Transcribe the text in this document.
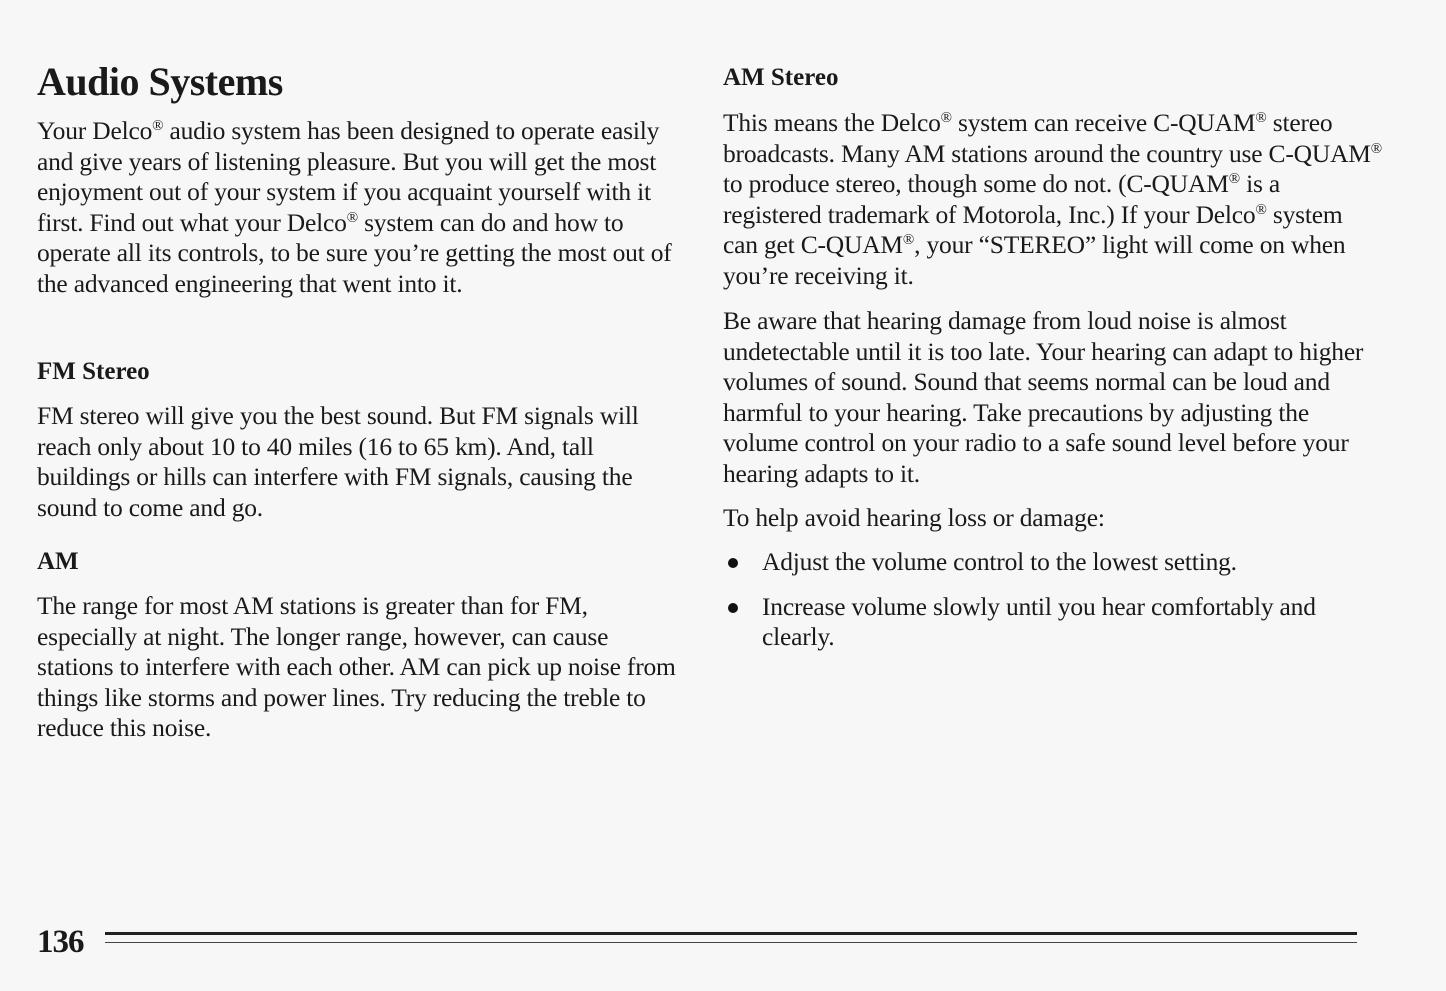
Audio Systems

Your Delco® audio system has been designed to operate easily and give years of listening pleasure. But you will get the most enjoyment out of your system if you acquaint yourself with it first. Find out what your Delco® system can do and how to operate all its controls, to be sure you’re getting the most out of the advanced engineering that went into it.

FM Stereo

FM stereo will give you the best sound. But FM signals will reach only about 10 to 40 miles (16 to 65 km). And, tall buildings or hills can interfere with FM signals, causing the sound to come and go.

AM

The range for most AM stations is greater than for FM, especially at night. The longer range, however, can cause stations to interfere with each other. AM can pick up noise from things like storms and power lines. Try reducing the treble to reduce this noise.

AM Stereo

This means the Delco® system can receive C-QUAM® stereo broadcasts. Many AM stations around the country use C-QUAM® to produce stereo, though some do not. (C-QUAM® is a registered trademark of Motorola, Inc.) If your Delco® system can get C-QUAM®, your “STEREO” light will come on when you’re receiving it.

Be aware that hearing damage from loud noise is almost undetectable until it is too late. Your hearing can adapt to higher volumes of sound. Sound that seems normal can be loud and harmful to your hearing. Take precautions by adjusting the volume control on your radio to a safe sound level before your hearing adapts to it.

To help avoid hearing loss or damage:

Adjust the volume control to the lowest setting.
Increase volume slowly until you hear comfortably and clearly.
136
